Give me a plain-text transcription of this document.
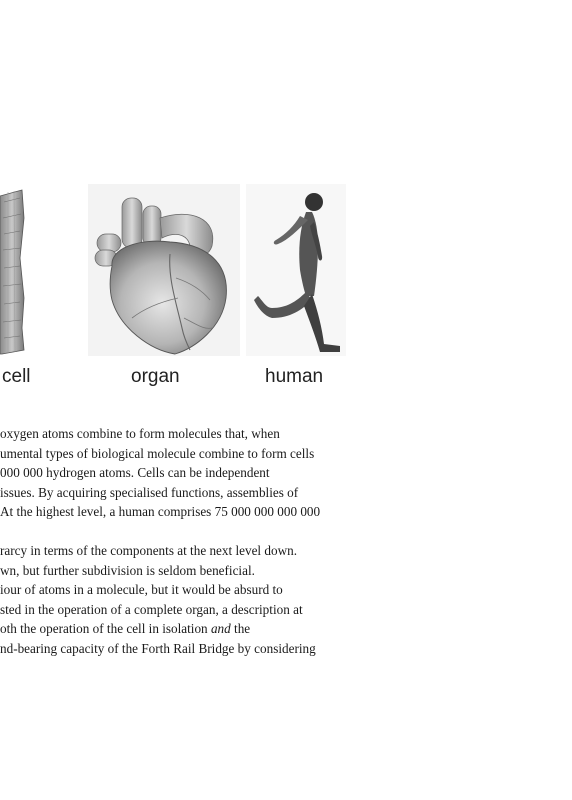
cell	organ	human
oxygen atoms combine to form molecules that, when
umental types of biological molecule combine to form cells
000 000 hydrogen atoms. Cells can be independent
issues. By acquiring specialised functions, assemblies of
At the highest level, a human comprises 75 000 000 000 000
rarcy in terms of the components at the next level down.
wn, but further subdivision is seldom beneficial.
iour of atoms in a molecule, but it would be absurd to
sted in the operation of a complete organ, a description at
oth the operation of the cell in isolation and the
nd-bearing capacity of the Forth Rail Bridge by considering
